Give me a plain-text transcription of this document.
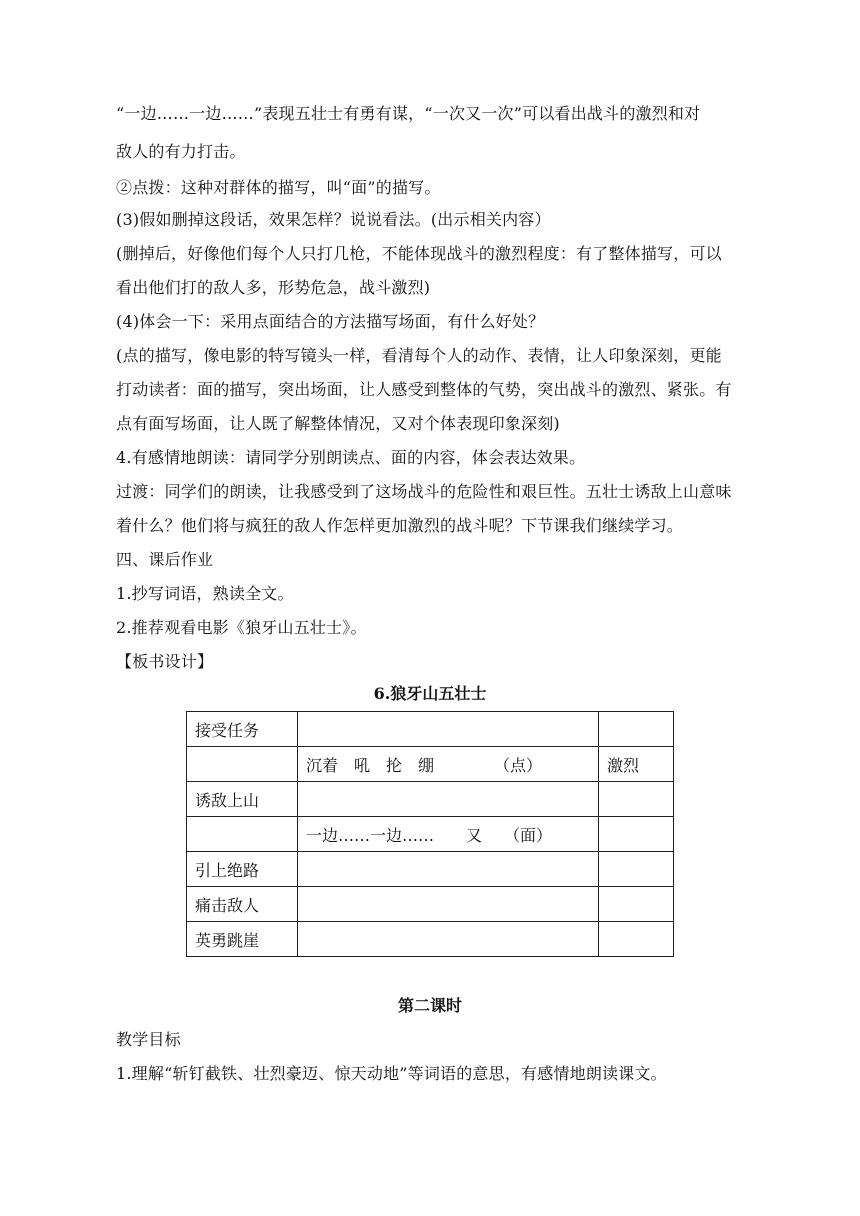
“一边……一边……”表现五壮士有勇有谋，“一次又一次”可以看出战斗的激烈和对
敌人的有力打击。
②点拨：这种对群体的描写，叫“面”的描写。
(3)假如删掉这段话，效果怎样？说说看法。(出示相关内容）
(删掉后，好像他们每个人只打几枪，不能体现战斗的激烈程度：有了整体描写，可以
看出他们打的敌人多，形势危急，战斗激烈)
(4)体会一下：采用点面结合的方法描写场面，有什么好处？
(点的描写，像电影的特写镜头一样，看清每个人的动作、表情，让人印象深刻，更能
打动读者：面的描写，突出场面，让人感受到整体的气势，突出战斗的激烈、紧张。有
点有面写场面，让人既了解整体情况，又对个体表现印象深刻)
4.有感情地朗读：请同学分别朗读点、面的内容，体会表达效果。
过渡：同学们的朗读，让我感受到了这场战斗的危险性和艰巨性。五壮士诱敌上山意味
着什么？他们将与疯狂的敌人作怎样更加激烈的战斗呢？下节课我们继续学习。
四、课后作业
1.抄写词语，熟读全文。
2.推荐观看电影《狼牙山五壮士》。
【板书设计】
6.狼牙山五壮士
接受任务		
	沉着　吼　抡　绷 （点）	激烈
诱敌上山		
	一边……一边……　　又 （面）	
引上绝路		
痛击敌人		
英勇跳崖		
第二课时
教学目标
1.理解“斩钉截铁、壮烈豪迈、惊天动地”等词语的意思，有感情地朗读课文。
